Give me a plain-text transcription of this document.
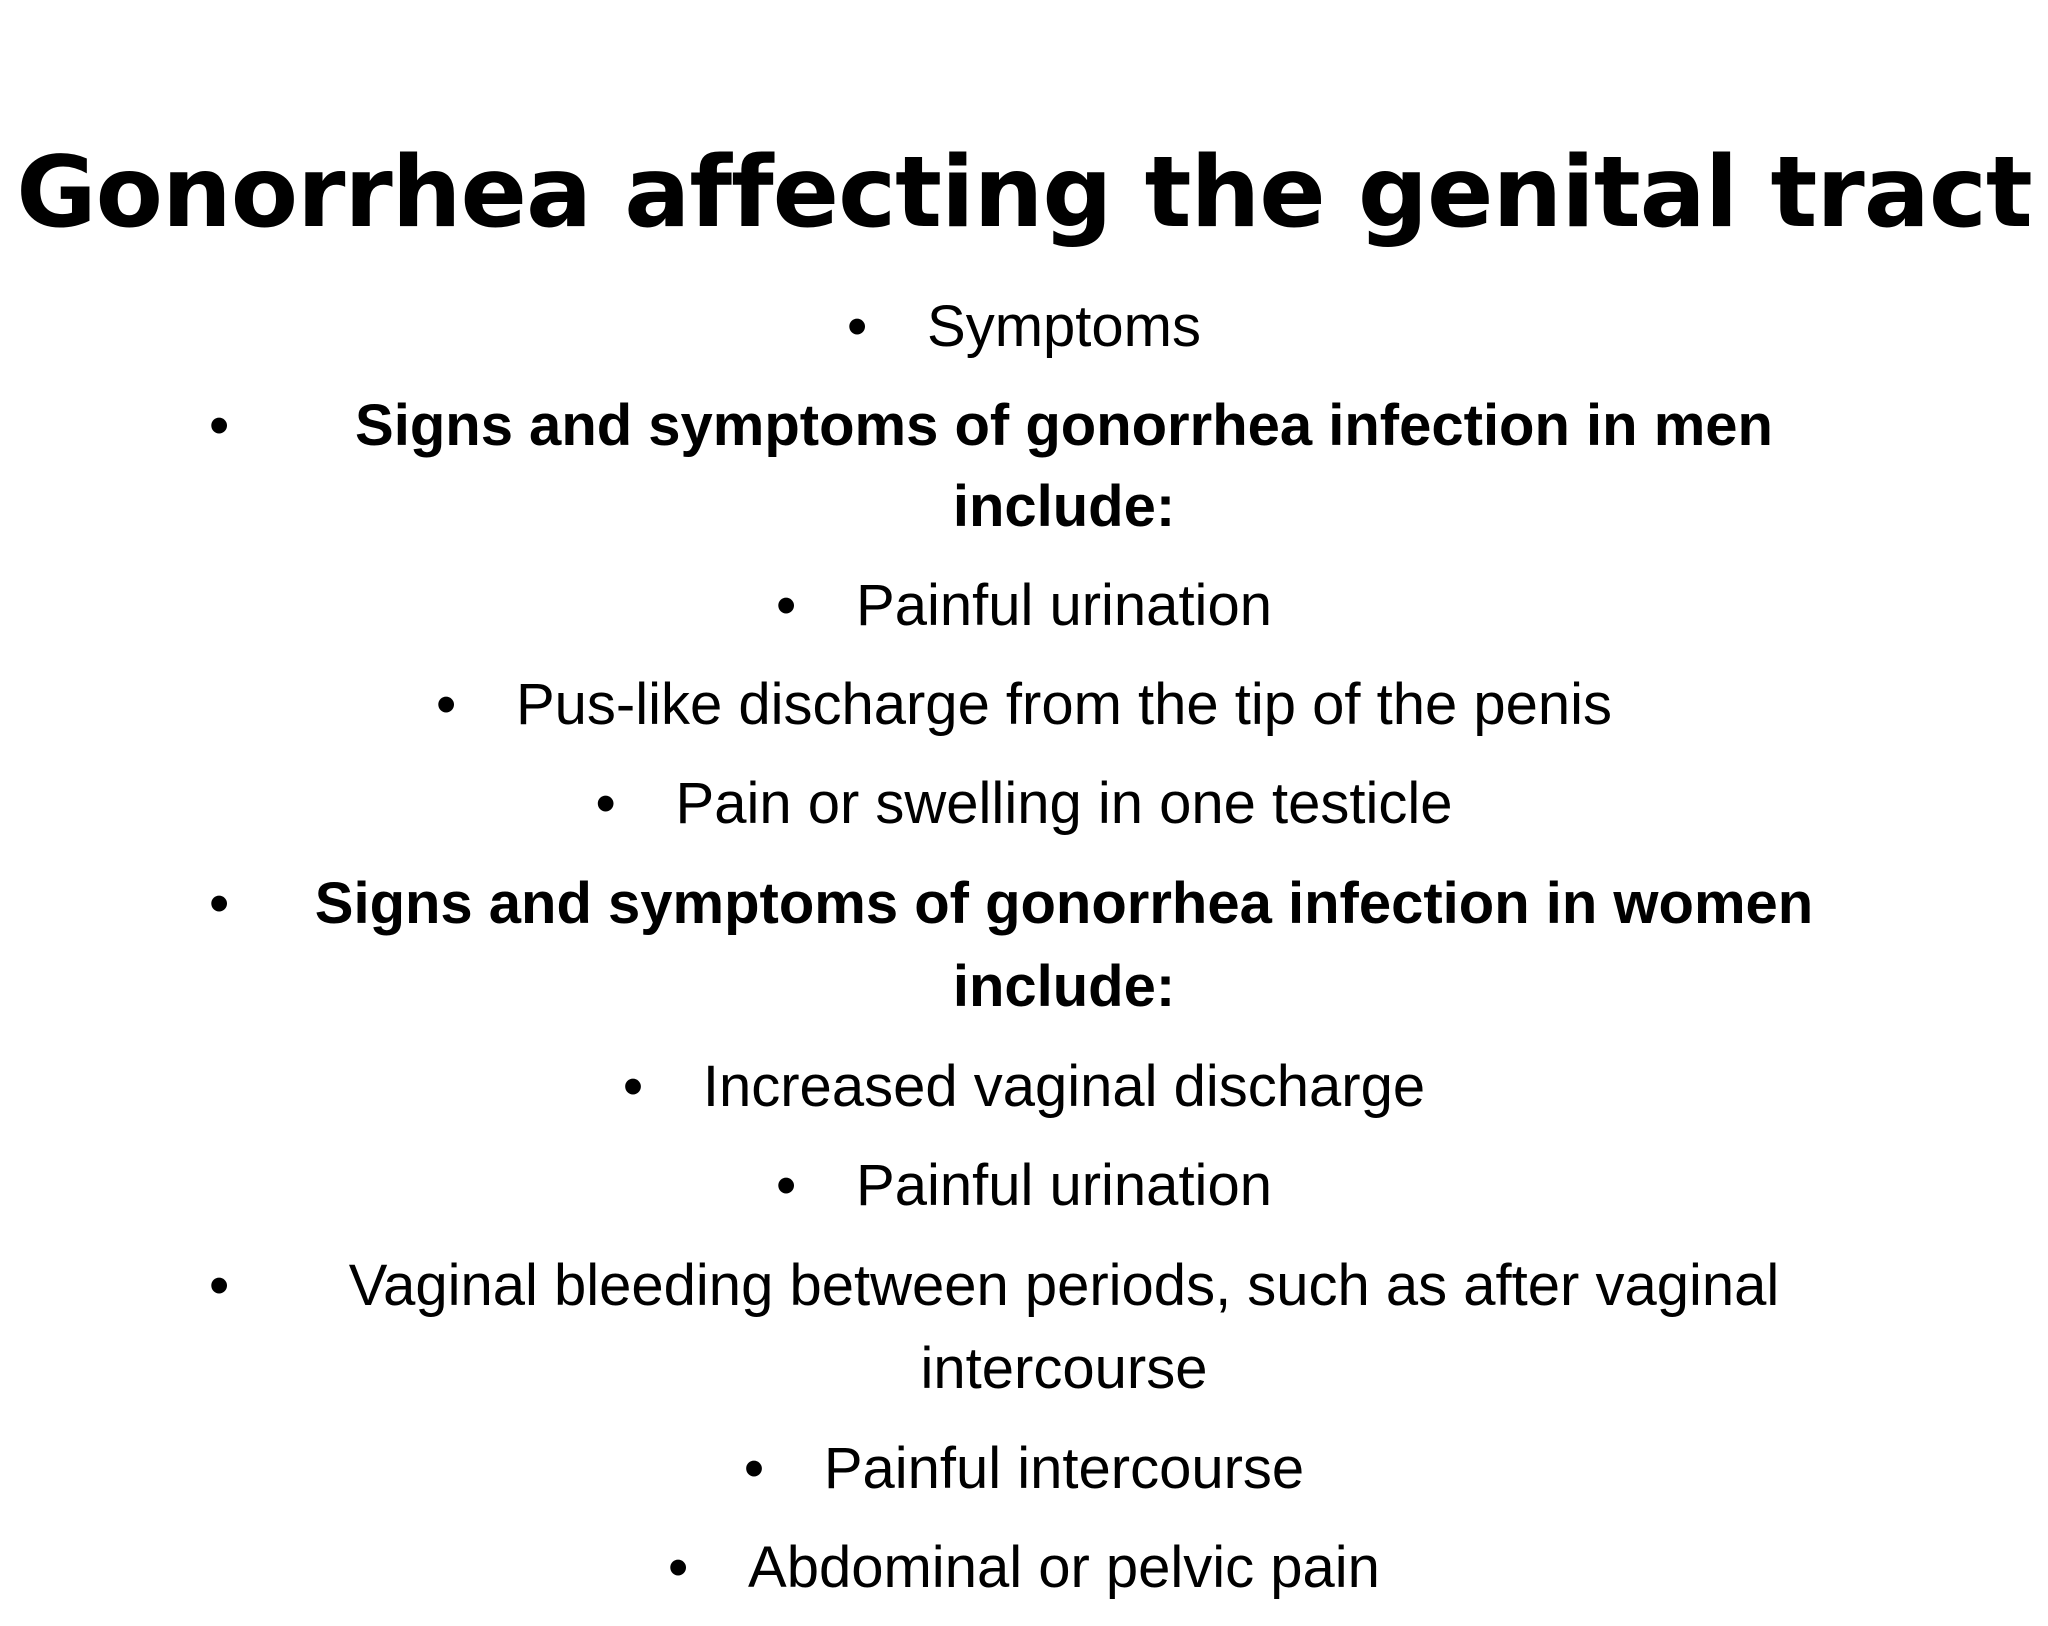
Gonorrhea affecting the genital tract
•	Symptoms
•	Signs and symptoms of gonorrhea infection in men include:
•	Painful urination
•	Pus-like discharge from the tip of the penis
•	Pain or swelling in one testicle
•	Signs and symptoms of gonorrhea infection in women include:
•	Increased vaginal discharge
•	Painful urination
•	Vaginal bleeding between periods, such as after vaginal intercourse
•	Painful intercourse
•	Abdominal or pelvic pain
